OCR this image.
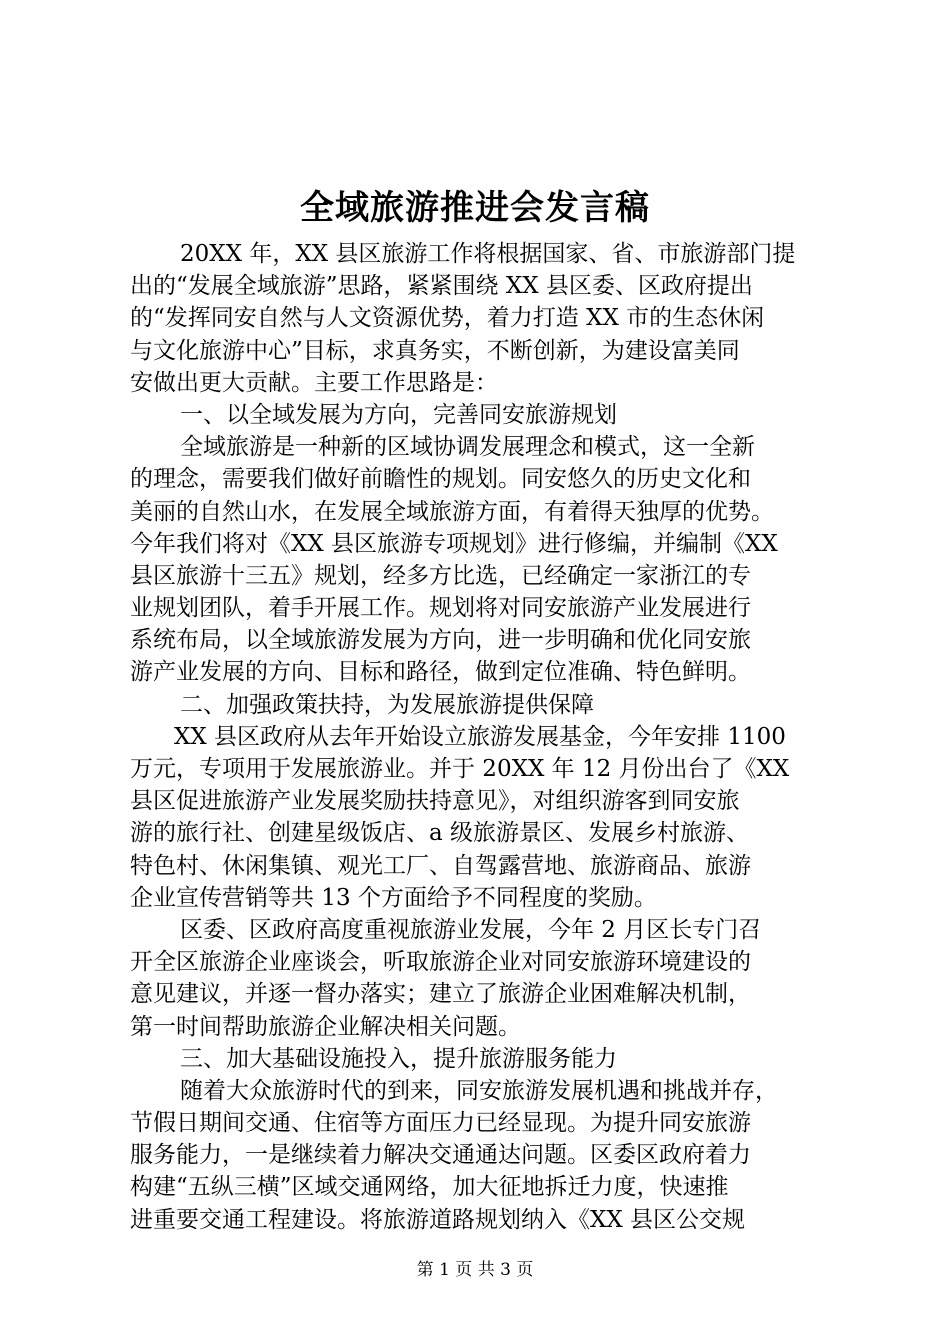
全域旅游推进会发言稿
20XX 年，XX 县区旅游工作将根据国家、省、市旅游部门提
出的“发展全域旅游”思路，紧紧围绕 XX 县区委、区政府提出
的“发挥同安自然与人文资源优势，着力打造 XX 市的生态休闲
与文化旅游中心”目标，求真务实，不断创新，为建设富美同
安做出更大贡献。主要工作思路是：
一、以全域发展为方向，完善同安旅游规划
全域旅游是一种新的区域协调发展理念和模式，这一全新
的理念，需要我们做好前瞻性的规划。同安悠久的历史文化和
美丽的自然山水，在发展全域旅游方面，有着得天独厚的优势。
今年我们将对《XX 县区旅游专项规划》进行修编，并编制《XX
县区旅游十三五》规划，经多方比选，已经确定一家浙江的专
业规划团队，着手开展工作。规划将对同安旅游产业发展进行
系统布局，以全域旅游发展为方向，进一步明确和优化同安旅
游产业发展的方向、目标和路径，做到定位准确、特色鲜明。
二、加强政策扶持，为发展旅游提供保障
XX 县区政府从去年开始设立旅游发展基金，今年安排 1100
万元，专项用于发展旅游业。并于 20XX 年 12 月份出台了《XX
县区促进旅游产业发展奖励扶持意见》，对组织游客到同安旅
游的旅行社、创建星级饭店、a 级旅游景区、发展乡村旅游、
特色村、休闲集镇、观光工厂、自驾露营地、旅游商品、旅游
企业宣传营销等共 13 个方面给予不同程度的奖励。
区委、区政府高度重视旅游业发展，今年 2 月区长专门召
开全区旅游企业座谈会，听取旅游企业对同安旅游环境建设的
意见建议，并逐一督办落实；建立了旅游企业困难解决机制，
第一时间帮助旅游企业解决相关问题。
三、加大基础设施投入，提升旅游服务能力
随着大众旅游时代的到来，同安旅游发展机遇和挑战并存，
节假日期间交通、住宿等方面压力已经显现。为提升同安旅游
服务能力，一是继续着力解决交通通达问题。区委区政府着力
构建“五纵三横”区域交通网络，加大征地拆迁力度，快速推
进重要交通工程建设。将旅游道路规划纳入《XX 县区公交规
第 1 页 共 3 页
